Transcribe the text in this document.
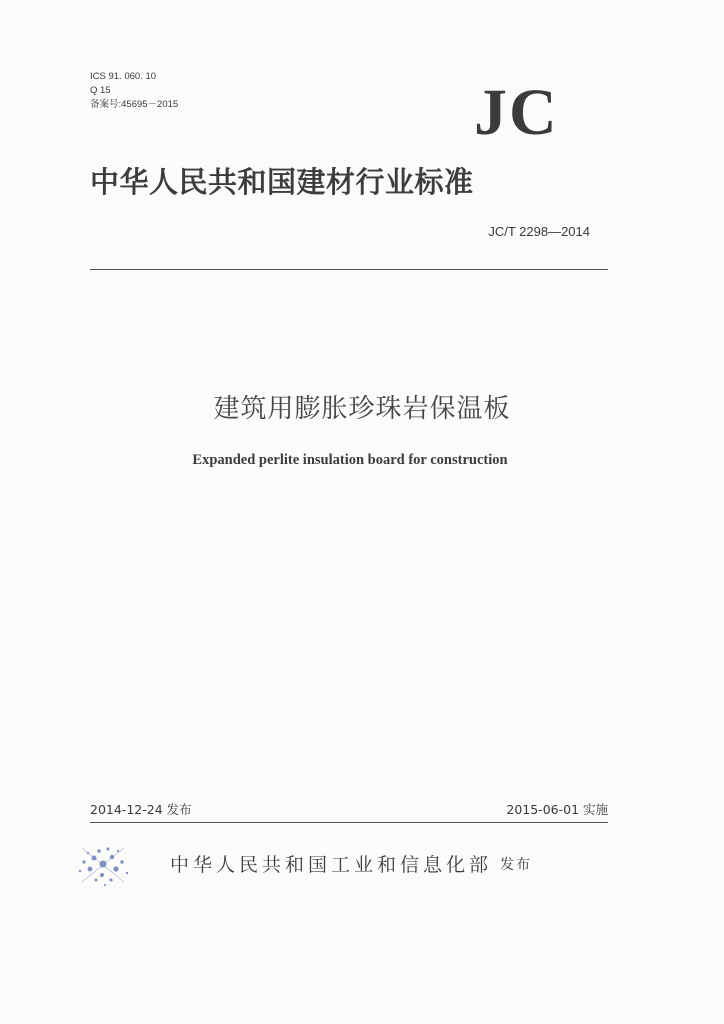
ICS 91. 060. 10
Q 15
备案号:45695－2015	JC
中华人民共和国建材行业标准
JC/T 2298—2014
建筑用膨胀珍珠岩保温板
Expanded perlite insulation board for construction
2014-12-24 发布	2015-06-01 实施
中华人民共和国工业和信息化部 发布
